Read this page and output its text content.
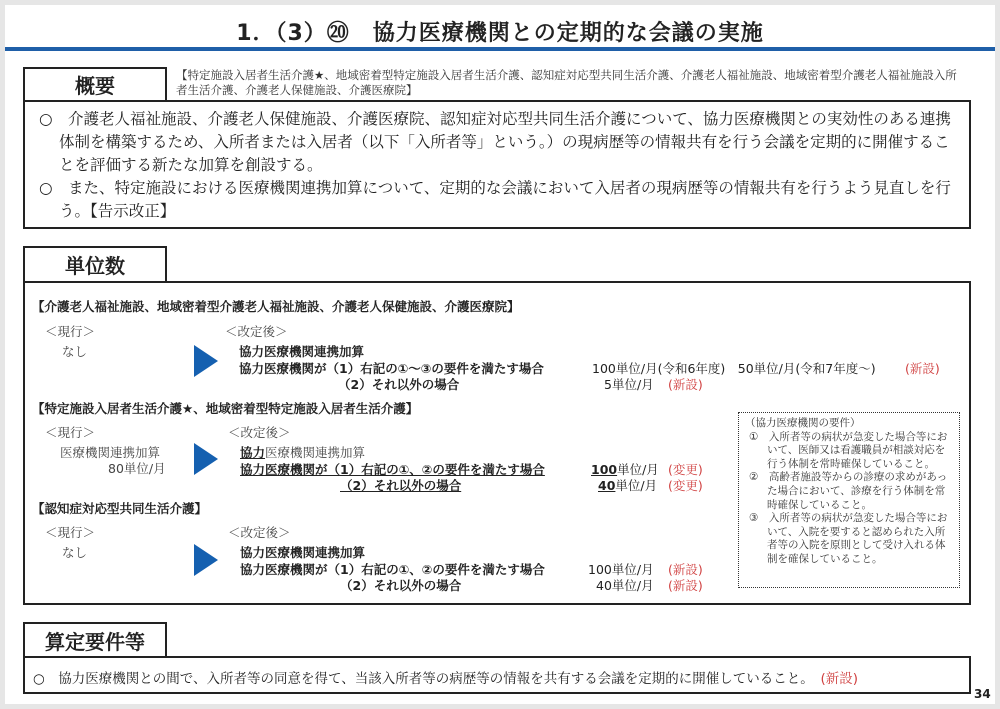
1．（3）⑳　協力医療機関との定期的な会議の実施

○　介護老人福祉施設、介護老人保健施設、介護医療院、認知症対応型共同生活介護について、協力医療機関との実効性のある連携体制を構築するため、入所者または入居者（以下「入所者等」という。）の現病歴等の情報共有を行う会議を定期的に開催することを評価する新たな加算を創設する。

○　また、特定施設における医療機関連携加算について、定期的な会議において入居者の現病歴等の情報共有を行うよう見直しを行う。【告示改正】

概要	【特定施設入居者生活介護★、地域密着型特定施設入居者生活介護、認知症対応型共同生活介護、介護老人福祉施設、地域密着型介護老人福祉施設入所者生活介護、介護老人保健施設、介護医療院】
単位数
【介護老人福祉施設、地域密着型介護老人福祉施設、介護老人保健施設、介護医療院】
＜現行＞	＜改定後＞
なし	協力医療機関連携加算
協力医療機関が（1）右記の①～③の要件を満たす場合	100単位/月(令和6年度)　50単位/月(令和7年度～) (新設)
（2）それ以外の場合	5単位/月 (新設)
【特定施設入居者生活介護★、地域密着型特定施設入居者生活介護】
＜現行＞	＜改定後＞
医療機関連携加算
80単位/月
協力医療機関連携加算
協力医療機関が（1）右記の①、②の要件を満たす場合	100単位/月 (変更)
（2）それ以外の場合	40単位/月 (変更)
【認知症対応型共同生活介護】
＜現行＞	＜改定後＞
なし	協力医療機関連携加算
協力医療機関が（1）右記の①、②の要件を満たす場合	100単位/月 (新設)
（2）それ以外の場合	40単位/月 (新設)
（協力医療機関の要件）

①　入所者等の病状が急変した場合等において、医師又は看護職員が相談対応を行う体制を常時確保していること。

②　高齢者施設等からの診療の求めがあった場合において、診療を行う体制を常時確保していること。

③　入所者等の病状が急変した場合等において、入院を要すると認められた入所者等の入院を原則として受け入れる体制を確保していること。

○　協力医療機関との間で、入所者等の同意を得て、当該入所者等の病歴等の情報を共有する会議を定期的に開催していること。　 (新設)
算定要件等
34
